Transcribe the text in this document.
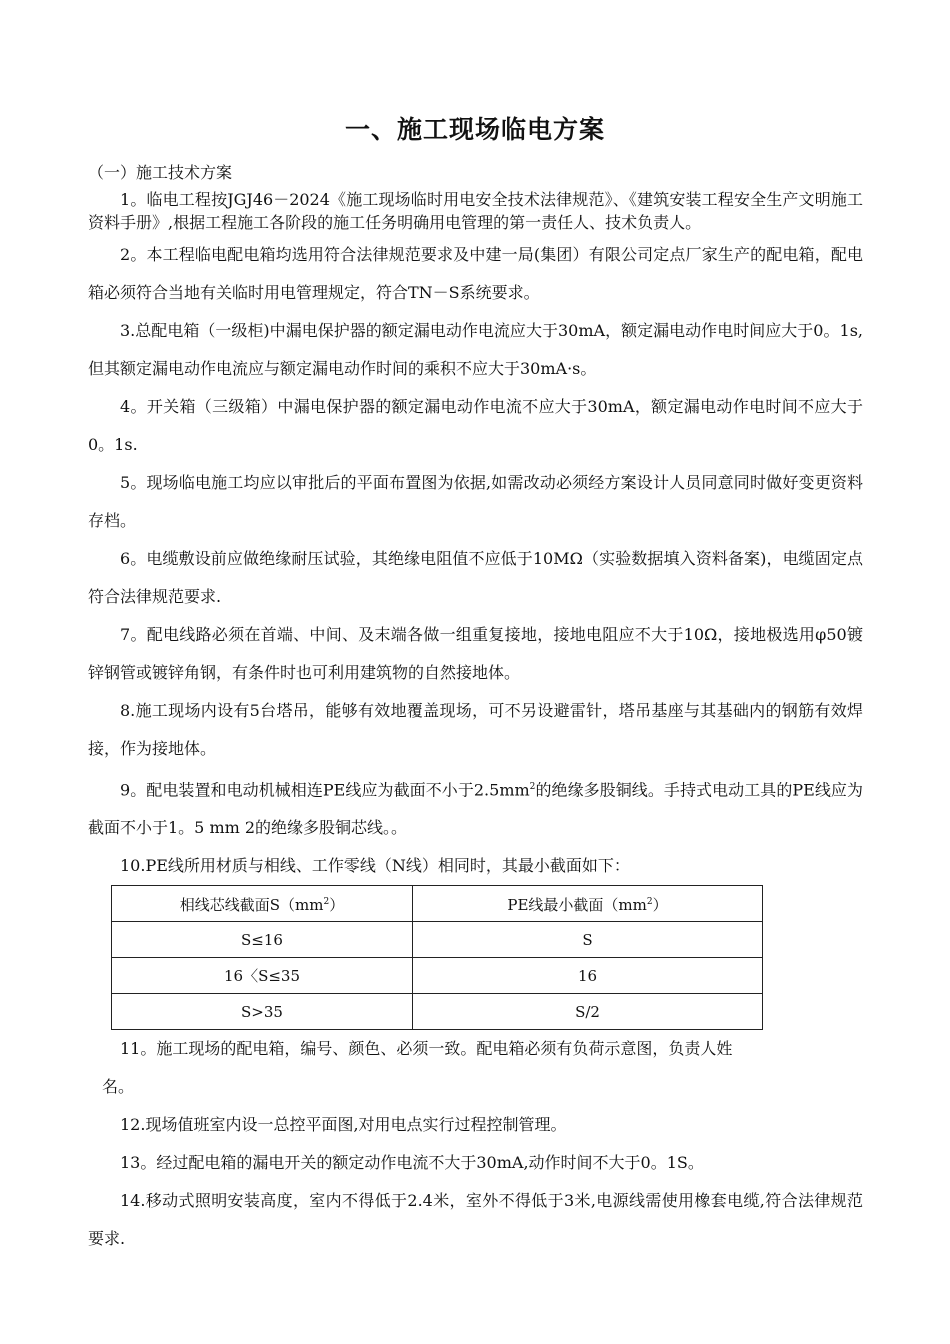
一、施工现场临电方案
（一）施工技术方案

1。临电工程按JGJ46－2024《施工现场临时用电安全技术法律规范》、《建筑安装工程安全生产文明施工资料手册》,根据工程施工各阶段的施工任务明确用电管理的第一责任人、技术负责人。

2。本工程临电配电箱均选用符合法律规范要求及中建一局(集团）有限公司定点厂家生产的配电箱，配电箱必须符合当地有关临时用电管理规定，符合TN－S系统要求。

3.总配电箱（一级柜)中漏电保护器的额定漏电动作电流应大于30mA，额定漏电动作电时间应大于0。1s,但其额定漏电动作电流应与额定漏电动作时间的乘积不应大于30mA·s。

4。开关箱（三级箱）中漏电保护器的额定漏电动作电流不应大于30mA，额定漏电动作电时间不应大于0。1s.

5。现场临电施工均应以审批后的平面布置图为依据,如需改动必须经方案设计人员同意同时做好变更资料存档。

6。电缆敷设前应做绝缘耐压试验，其绝缘电阻值不应低于10MΩ（实验数据填入资料备案)，电缆固定点符合法律规范要求.

7。配电线路必须在首端、中间、及末端各做一组重复接地，接地电阻应不大于10Ω，接地极选用φ50镀锌钢管或镀锌角钢，有条件时也可利用建筑物的自然接地体。

8.施工现场内设有5台塔吊，能够有效地覆盖现场，可不另设避雷针，塔吊基座与其基础内的钢筋有效焊接，作为接地体。

9。配电装置和电动机械相连PE线应为截面不小于$2.5mm^2$的绝缘多股铜线。手持式电动工具的PE线应为截面不小于1。5 mm 2的绝缘多股铜芯线。。

10.PE线所用材质与相线、工作零线（N线）相同时，其最小截面如下：

相线芯线截面$S(mm^2)$	PE线最小截面$(mm^2)$
S≤16	S
16〈S≤35	16
S>35	S/2

11。施工现场的配电箱，编号、颜色、必须一致。配电箱必须有负荷示意图，负责人姓
名。

12.现场值班室内设一总控平面图,对用电点实行过程控制管理。

13。经过配电箱的漏电开关的额定动作电流不大于30mA,动作时间不大于0。1S。

14.移动式照明安装高度，室内不得低于2.4米，室外不得低于3米,电源线需使用橡套电缆,符合法律规范要求.
